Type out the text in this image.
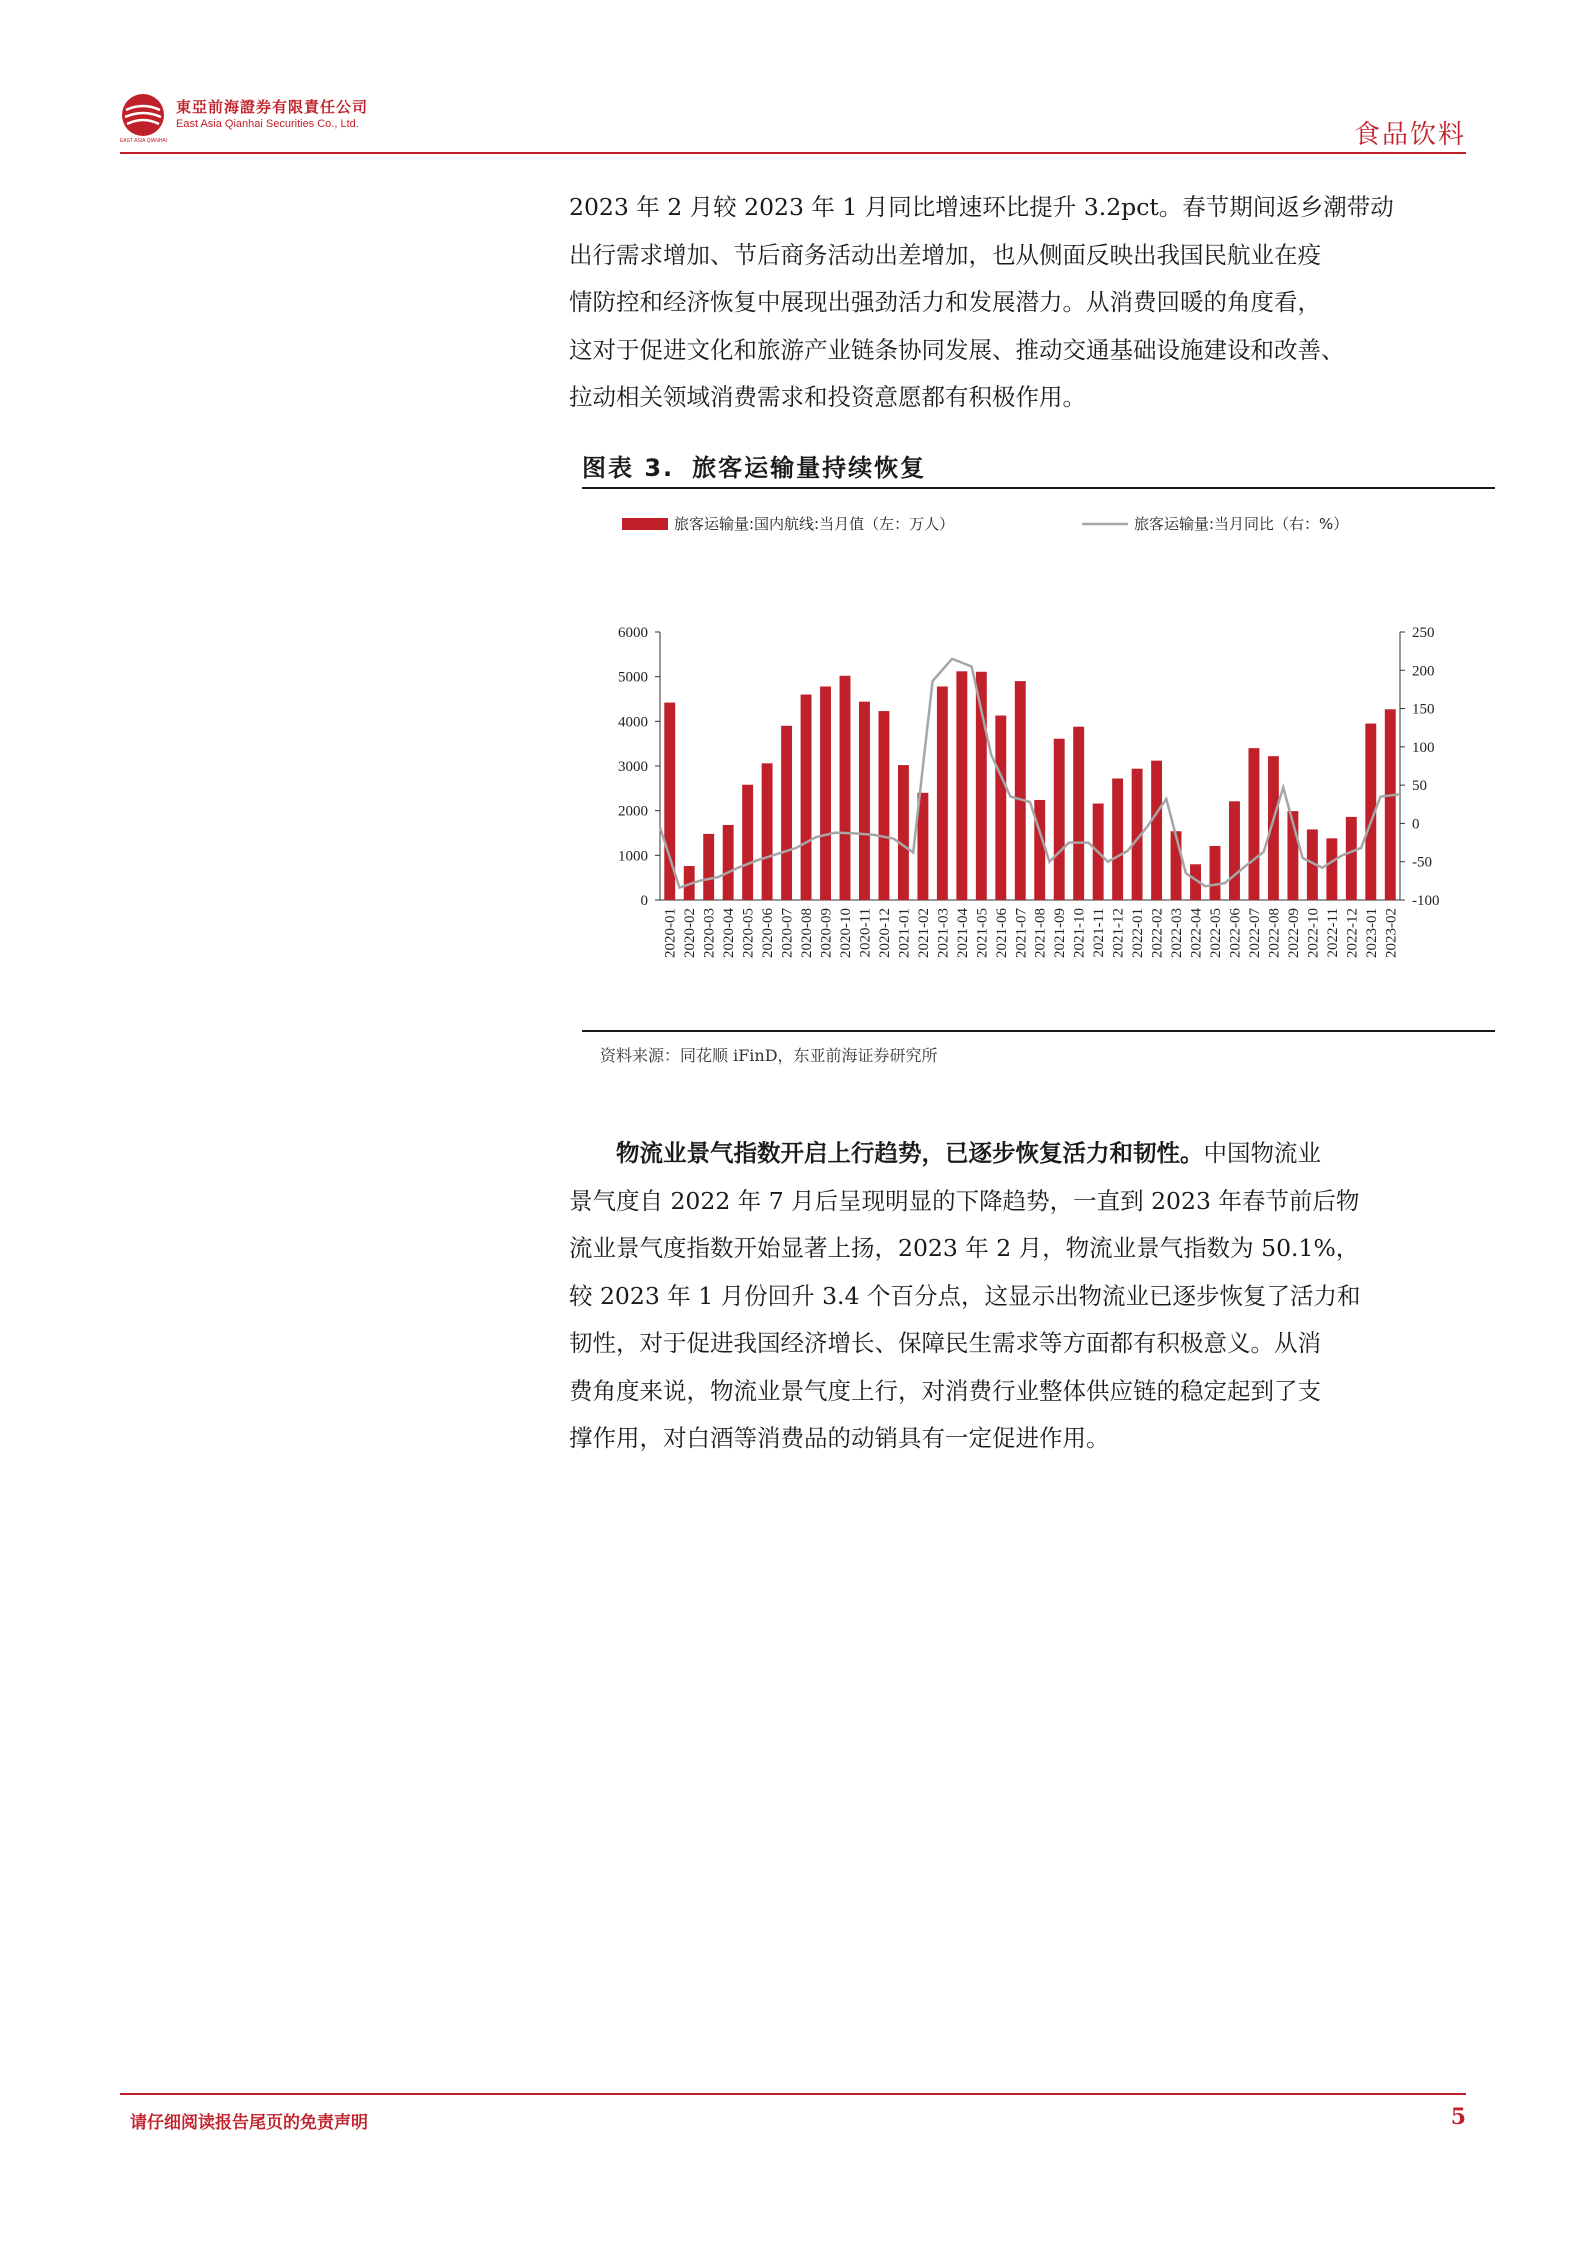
EAST ASIA QIANHAI
東亞前海證券有限責任公司
East Asia Qianhai Securities Co., Ltd.	食品饮料

2023 年 2 月较 2023 年 1 月同比增速环比提升 3.2pct。春节期间返乡潮带动

出行需求增加、节后商务活动出差增加，也从侧面反映出我国民航业在疫

情防控和经济恢复中展现出强劲活力和发展潜力。从消费回暖的角度看，

这对于促进文化和旅游产业链条协同发展、推动交通基础设施建设和改善、

拉动相关领域消费需求和投资意愿都有积极作用。

图表 3. 旅客运输量持续恢复
旅客运输量:国内航线:当月值（左：万人）	旅客运输量:当月同比（右：%）
0
1000
2000
3000
4000
5000
6000
-100
-50
0
50
100
150
200
250
2020-01 2020-02 2020-03 2020-04 2020-05 2020-06 2020-07 2020-08 2020-09 2020-10 2020-11 2020-12 2021-01 2021-02 2021-03 2021-04 2021-05 2021-06 2021-07 2021-08 2021-09 2021-10 2021-11 2021-12 2022-01 2022-02 2022-03 2022-04 2022-05 2022-06 2022-07 2022-08 2022-09 2022-10 2022-11 2022-12 2023-01 2023-02
资料来源：同花顺 iFinD，东亚前海证券研究所

物流业景气指数开启上行趋势，已逐步恢复活力和韧性。中国物流业

景气度自 2022 年 7 月后呈现明显的下降趋势，一直到 2023 年春节前后物

流业景气度指数开始显著上扬，2023 年 2 月，物流业景气指数为 50.1%，

较 2023 年 1 月份回升 3.4 个百分点，这显示出物流业已逐步恢复了活力和

韧性，对于促进我国经济增长、保障民生需求等方面都有积极意义。从消

费角度来说，物流业景气度上行，对消费行业整体供应链的稳定起到了支

撑作用，对白酒等消费品的动销具有一定促进作用。

请仔细阅读报告尾页的免责声明	5
